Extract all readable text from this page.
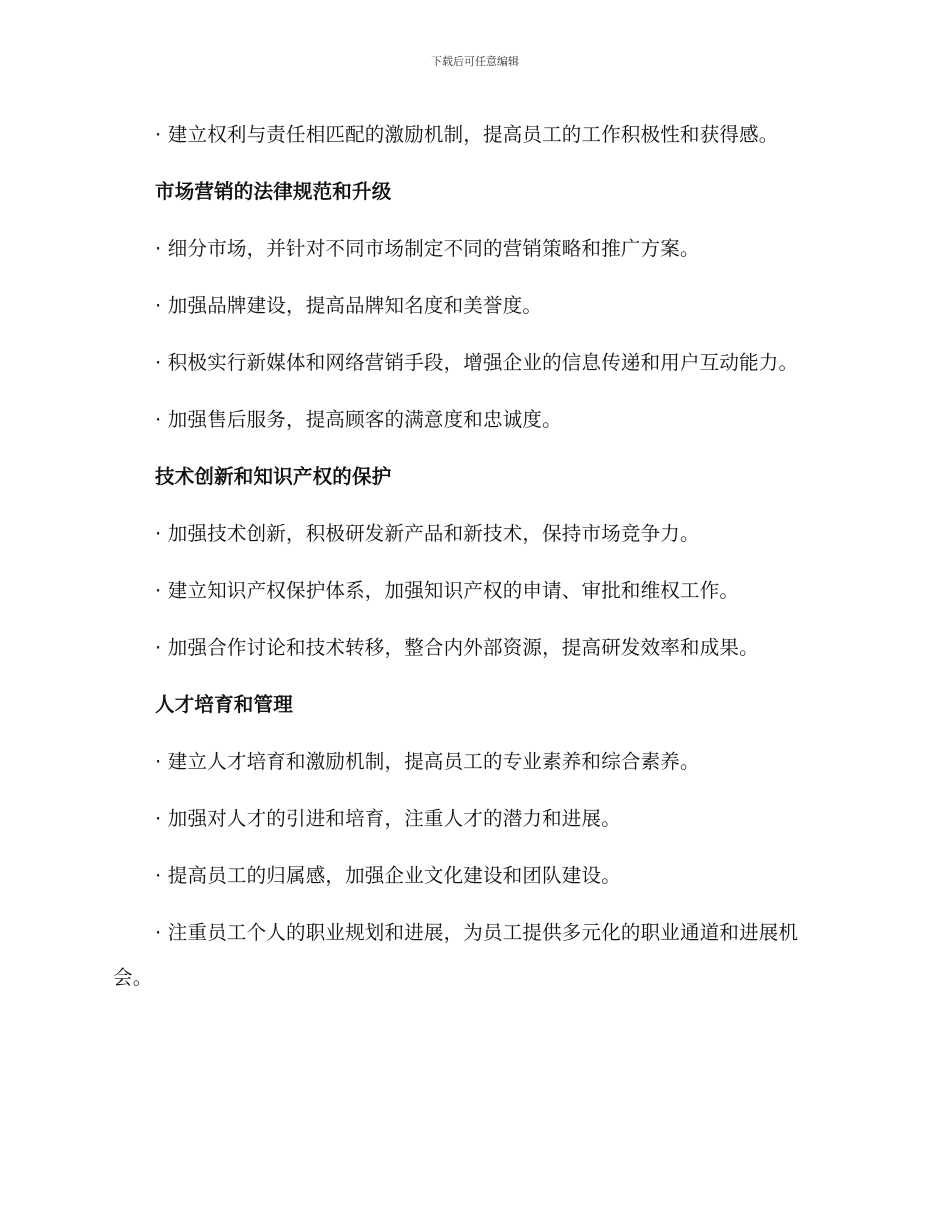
下载后可任意编辑

· 建立权利与责任相匹配的激励机制，提高员工的工作积极性和获得感。

市场营销的法律规范和升级

· 细分市场，并针对不同市场制定不同的营销策略和推广方案。

· 加强品牌建设，提高品牌知名度和美誉度。

· 积极实行新媒体和网络营销手段，增强企业的信息传递和用户互动能力。

· 加强售后服务，提高顾客的满意度和忠诚度。

技术创新和知识产权的保护

· 加强技术创新，积极研发新产品和新技术，保持市场竞争力。

· 建立知识产权保护体系，加强知识产权的申请、审批和维权工作。

· 加强合作讨论和技术转移，整合内外部资源，提高研发效率和成果。

人才培育和管理

· 建立人才培育和激励机制，提高员工的专业素养和综合素养。

· 加强对人才的引进和培育，注重人才的潜力和进展。

· 提高员工的归属感，加强企业文化建设和团队建设。

· 注重员工个人的职业规划和进展，为员工提供多元化的职业通道和进展机会。
